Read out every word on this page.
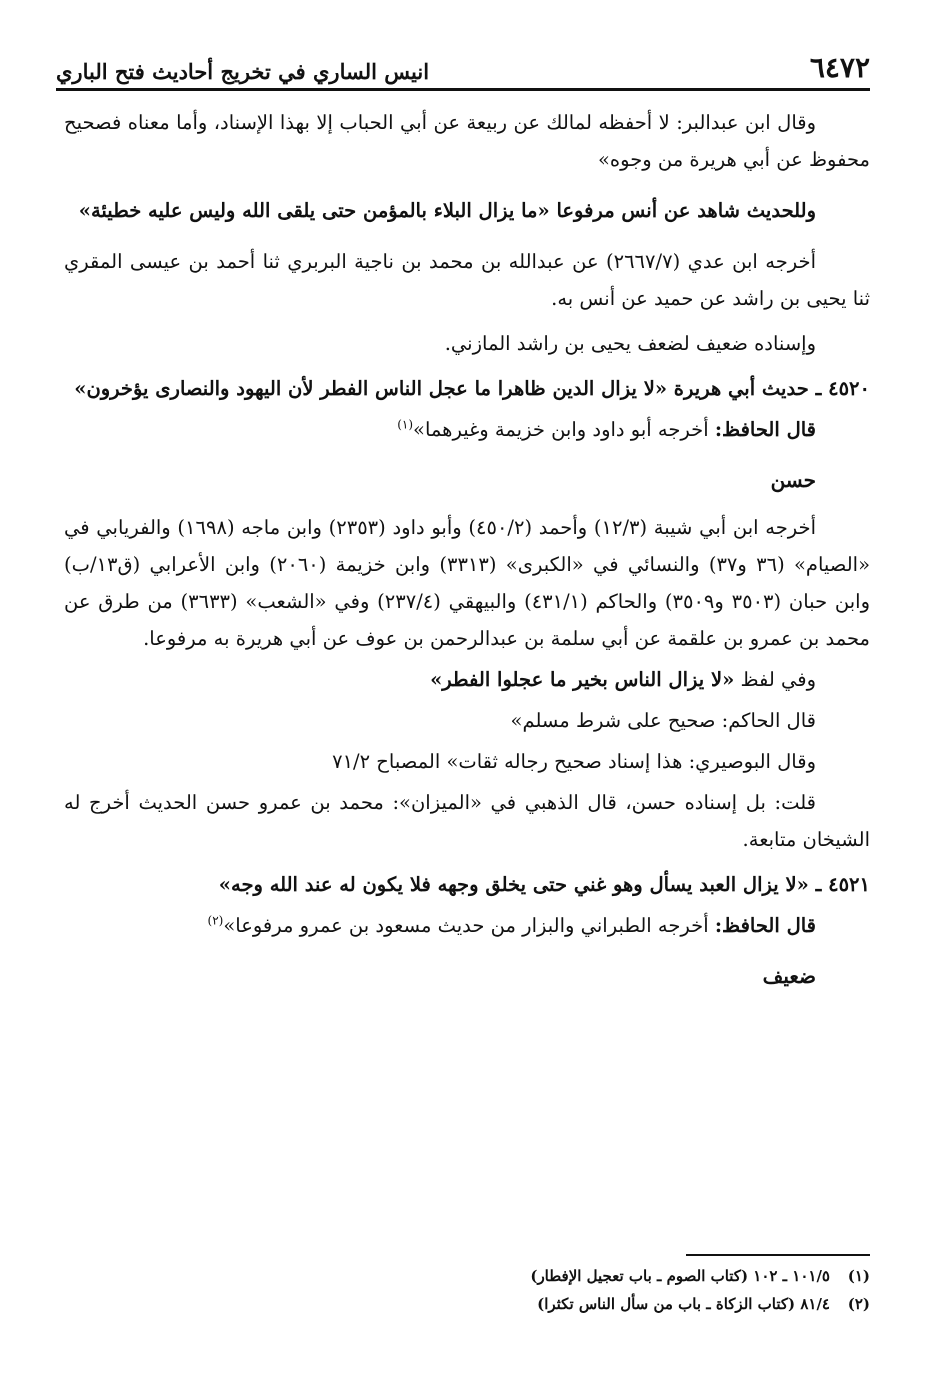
٦٤٧٢
انيس الساري في تخريج أحاديث فتح الباري

وقال ابن عبدالبر: لا أحفظه لمالك عن ربيعة عن أبي الحباب إلا بهذا الإسناد، وأما معناه فصحيح محفوظ عن أبي هريرة من وجوه»

وللحديث شاهد عن أنس مرفوعا «ما يزال البلاء بالمؤمن حتى يلقى الله وليس عليه خطيئة»

أخرجه ابن عدي (٢٦٦٧/٧) عن عبدالله بن محمد بن ناجية البربري ثنا أحمد بن عيسى المقري ثنا يحيى بن راشد عن حميد عن أنس به.

وإسناده ضعيف لضعف يحيى بن راشد المازني.

٤٥٢٠ ـ حديث أبي هريرة «لا يزال الدين ظاهرا ما عجل الناس الفطر لأن اليهود والنصارى يؤخرون»

قال الحافظ: أخرجه أبو داود وابن خزيمة وغيرهما»$^{(١)}$

حسن

أخرجه ابن أبي شيبة (١٢/٣) وأحمد (٤٥٠/٢) وأبو داود (٢٣٥٣) وابن ماجه (١٦٩٨) والفريابي في «الصيام» (٣٦ و٣٧) والنسائي في «الكبرى» (٣٣١٣) وابن خزيمة (٢٠٦٠) وابن الأعرابي (ق١٣/ب) وابن حبان (٣٥٠٣ و٣٥٠٩) والحاكم (٤٣١/١) والبيهقي (٢٣٧/٤) وفي «الشعب» (٣٦٣٣) من طرق عن محمد بن عمرو بن علقمة عن أبي سلمة بن عبدالرحمن بن عوف عن أبي هريرة به مرفوعا.

وفي لفظ «لا يزال الناس بخير ما عجلوا الفطر»

قال الحاكم: صحيح على شرط مسلم»

وقال البوصيري: هذا إسناد صحيح رجاله ثقات» المصباح ٧١/٢

قلت: بل إسناده حسن، قال الذهبي في «الميزان»: محمد بن عمرو حسن الحديث أخرج له الشيخان متابعة.

٤٥٢١ ـ «لا يزال العبد يسأل وهو غني حتى يخلق وجهه فلا يكون له عند الله وجه»

قال الحافظ: أخرجه الطبراني والبزار من حديث مسعود بن عمرو مرفوعا»$^{(٢)}$

ضعيف

(١)
١٠١/٥ ـ ١٠٢ (كتاب الصوم ـ باب تعجيل الإفطار)
(٢)
٨١/٤ (كتاب الزكاة ـ باب من سأل الناس تكثرا)
